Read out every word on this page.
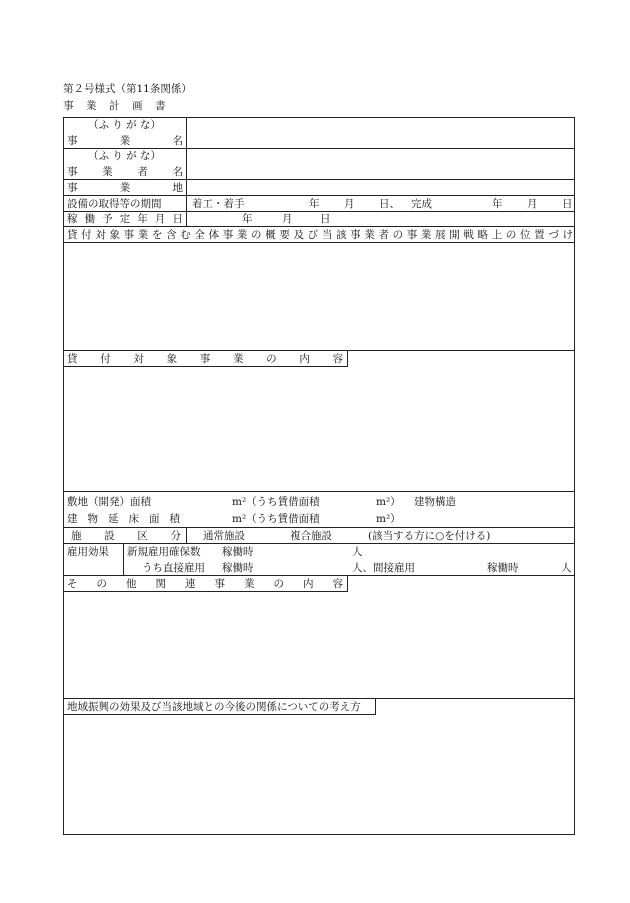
第２号様式（第11条関係）
事　業　計　画　書
（ふ り が な）
事	業	名
（ふ り が な）
事 業 者 名
事	業	地
設備の取得等の期間	着工・着手	年 月 日、 完成	年 月 日
稼 働 予 定 年 月 日	年	月	日
貸 付 対 象 事 業 を 含 む 全 体 事 業 の 概 要 及 び 当 該 事 業 者 の 事 業 展 開 戦 略 上 の 位 置 づ け
貸 付 対 象 事 業 の 内 容
敷地（開発）面積	m²（うち賃借面積	m²） 建物構造
建 物 延 床 面 積	m²（うち賃借面積	m²）
施 設 区 分 通常施設	複合施設	(該当する方に○を付ける)
雇用効果 新規雇用確保数 稼働時	人
うち直接雇用 稼働時	人、間接雇用	稼働時	人
そ の 他 関 連 事 業 の 内 容
地域振興の効果及び当該地域との今後の関係についての考え方
